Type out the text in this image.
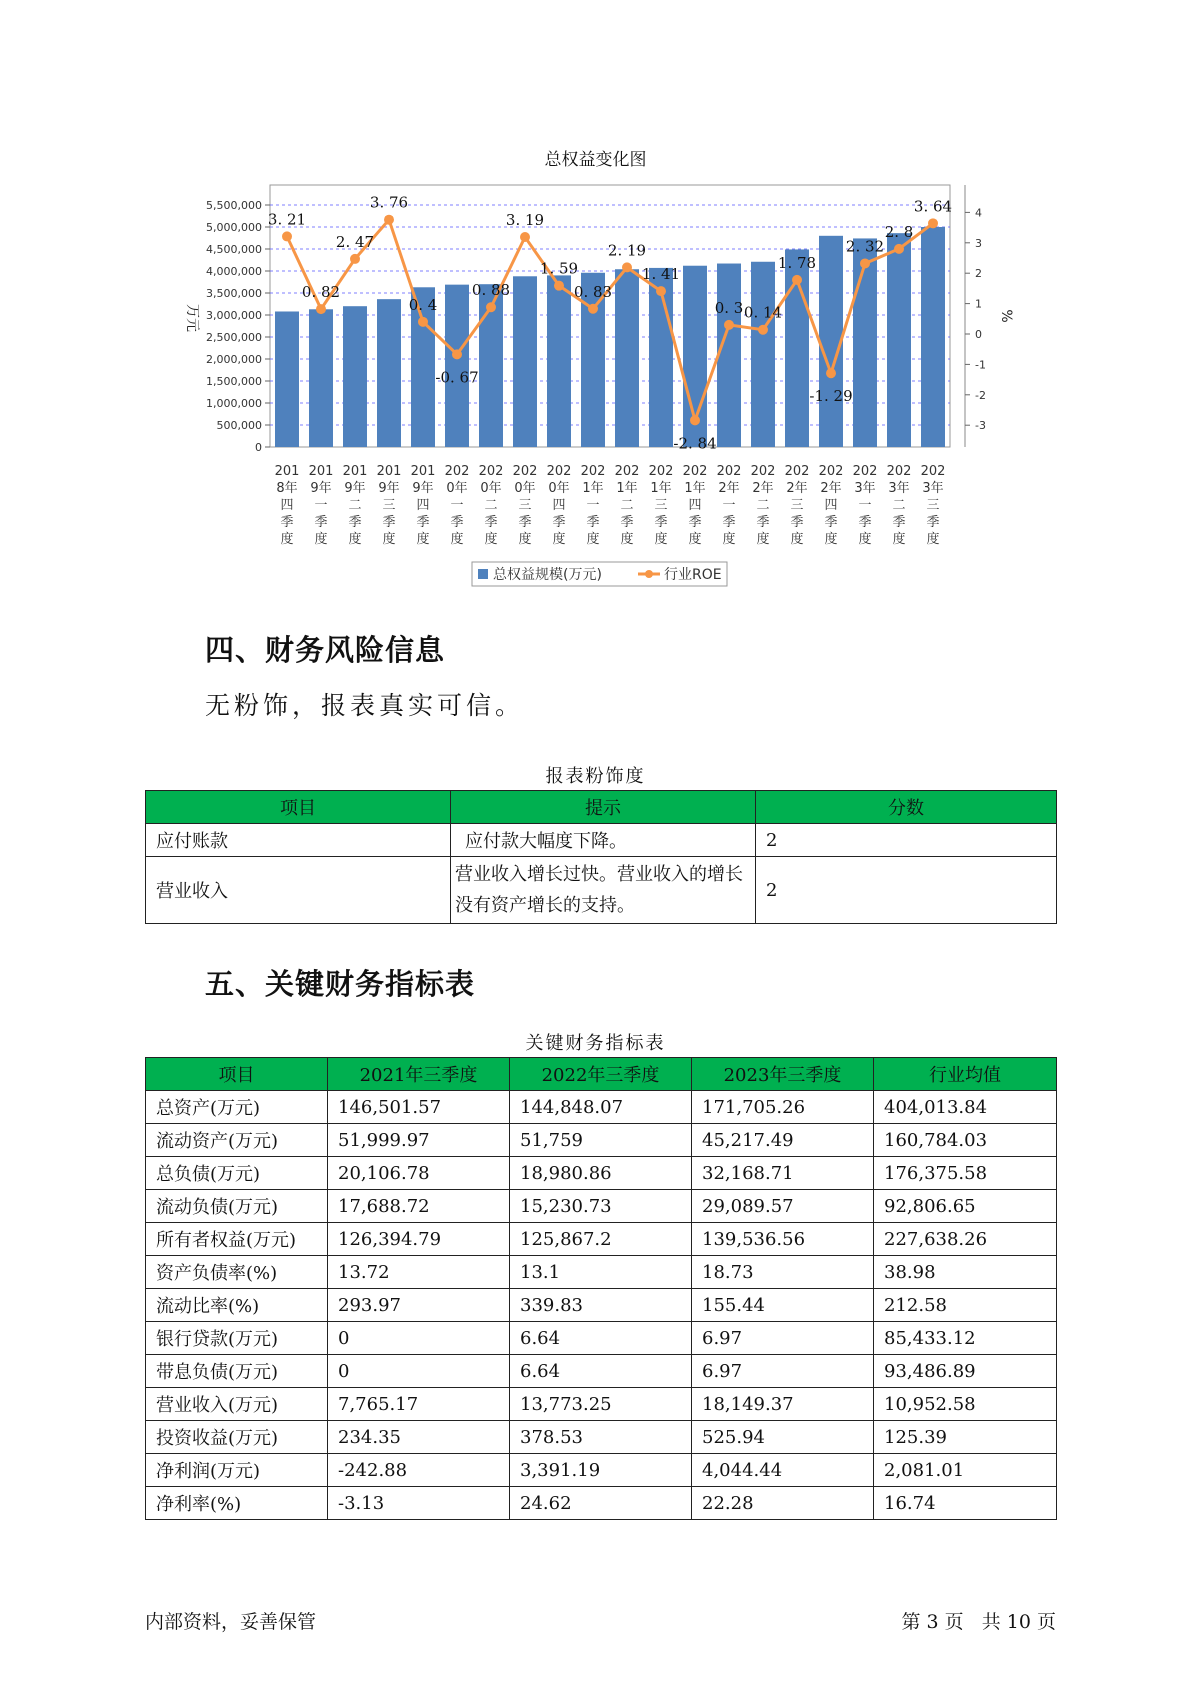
总权益变化图
5,500,000
5,000,000
4,500,000
4,000,000
3,500,000
3,000,000
2,500,000
2,000,000
1,500,000
1,000,000
500,000
0
4
3
2
1
0
-1
-2
-3
万元	%
201
8年
四
季
度
201
9年
一
季
度
201
9年
二
季
度
201
9年
三
季
度
201
9年
四
季
度
202
0年
一
季
度
202
0年
二
季
度
202
0年
三
季
度
202
0年
四
季
度
202
1年
一
季
度
202
1年
二
季
度
202
1年
三
季
度
202
1年
四
季
度
202
2年
一
季
度
202
2年
二
季
度
202
2年
三
季
度
202
2年
四
季
度
202
3年
一
季
度
202
3年
二
季
度
202
3年
三
季
度
3. 21
0. 82
2. 47
3. 76
0. 4
-0. 67
0. 88
3. 19
1. 59
0. 83
2. 19
1. 41
-2. 84
0. 3 0. 14
1. 78
-1. 29
2. 32
2. 8
3. 64
总权益规模(万元)	行业ROE
四、财务风险信息
无粉饰，报表真实可信。
报表粉饰度
项目	提示	分数
应付账款	应付款大幅度下降。	2
营业收入	营业收入增长过快。营业收入的增长没有资产增长的支持。	2
五、关键财务指标表
关键财务指标表
项目	2021年三季度	2022年三季度	2023年三季度	行业均值
总资产(万元)	146,501.57	144,848.07	171,705.26	404,013.84
流动资产(万元)	51,999.97	51,759	45,217.49	160,784.03
总负债(万元)	20,106.78	18,980.86	32,168.71	176,375.58
流动负债(万元)	17,688.72	15,230.73	29,089.57	92,806.65
所有者权益(万元)	126,394.79	125,867.2	139,536.56	227,638.26
资产负债率(%)	13.72	13.1	18.73	38.98
流动比率(%)	293.97	339.83	155.44	212.58
银行贷款(万元)	0	6.64	6.97	85,433.12
带息负债(万元)	0	6.64	6.97	93,486.89
营业收入(万元)	7,765.17	13,773.25	18,149.37	10,952.58
投资收益(万元)	234.35	378.53	525.94	125.39
净利润(万元)	-242.88	3,391.19	4,044.44	2,081.01
净利率(%)	-3.13	24.62	22.28	16.74
内部资料，妥善保管	第 3 页   共 10 页
